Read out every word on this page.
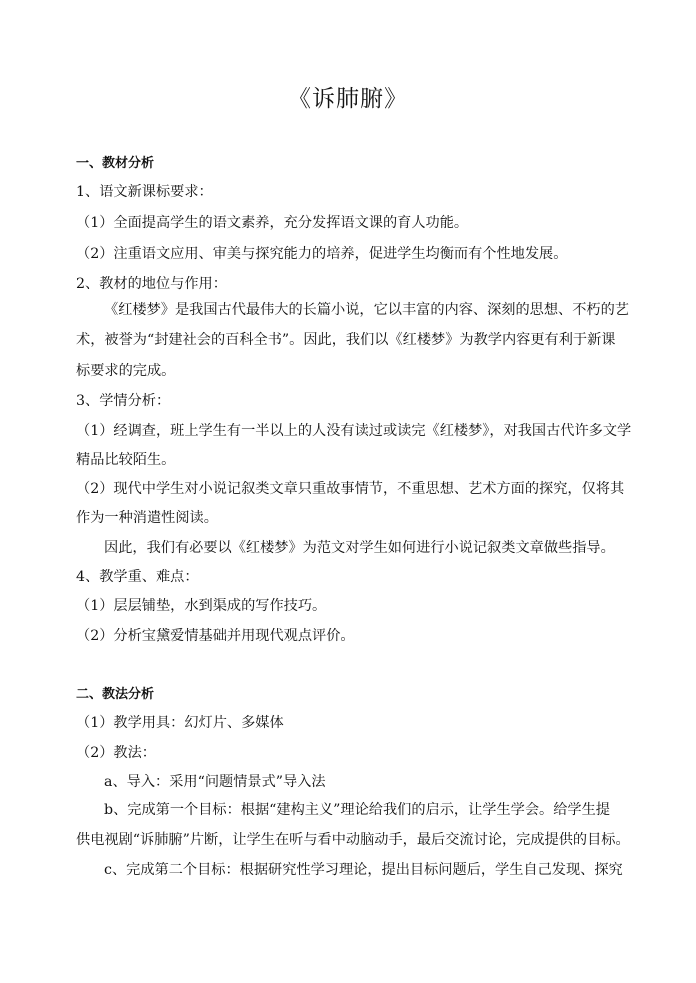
《诉肺腑》
一、教材分析
1、语文新课标要求：
（1）全面提高学生的语文素养，充分发挥语文课的育人功能。
（2）注重语文应用、审美与探究能力的培养，促进学生均衡而有个性地发展。
2、教材的地位与作用：
《红楼梦》是我国古代最伟大的长篇小说，它以丰富的内容、深刻的思想、不朽的艺
术，被誉为“封建社会的百科全书”。因此，我们以《红楼梦》为教学内容更有利于新课
标要求的完成。
3、学情分析：
（1）经调查，班上学生有一半以上的人没有读过或读完《红楼梦》，对我国古代许多文学
精品比较陌生。
（2）现代中学生对小说记叙类文章只重故事情节，不重思想、艺术方面的探究，仅将其
作为一种消遣性阅读。
因此，我们有必要以《红楼梦》为范文对学生如何进行小说记叙类文章做些指导。
4、教学重、难点：
（1）层层铺垫，水到渠成的写作技巧。
（2）分析宝黛爱情基础并用现代观点评价。
二、教法分析
（1）教学用具：幻灯片、多媒体
（2）教法：
a、导入：采用“问题情景式”导入法
b、完成第一个目标：根据“建构主义”理论给我们的启示，让学生学会。给学生提
供电视剧“诉肺腑”片断，让学生在听与看中动脑动手，最后交流讨论，完成提供的目标。
c、完成第二个目标：根据研究性学习理论，提出目标问题后，学生自己发现、探究
